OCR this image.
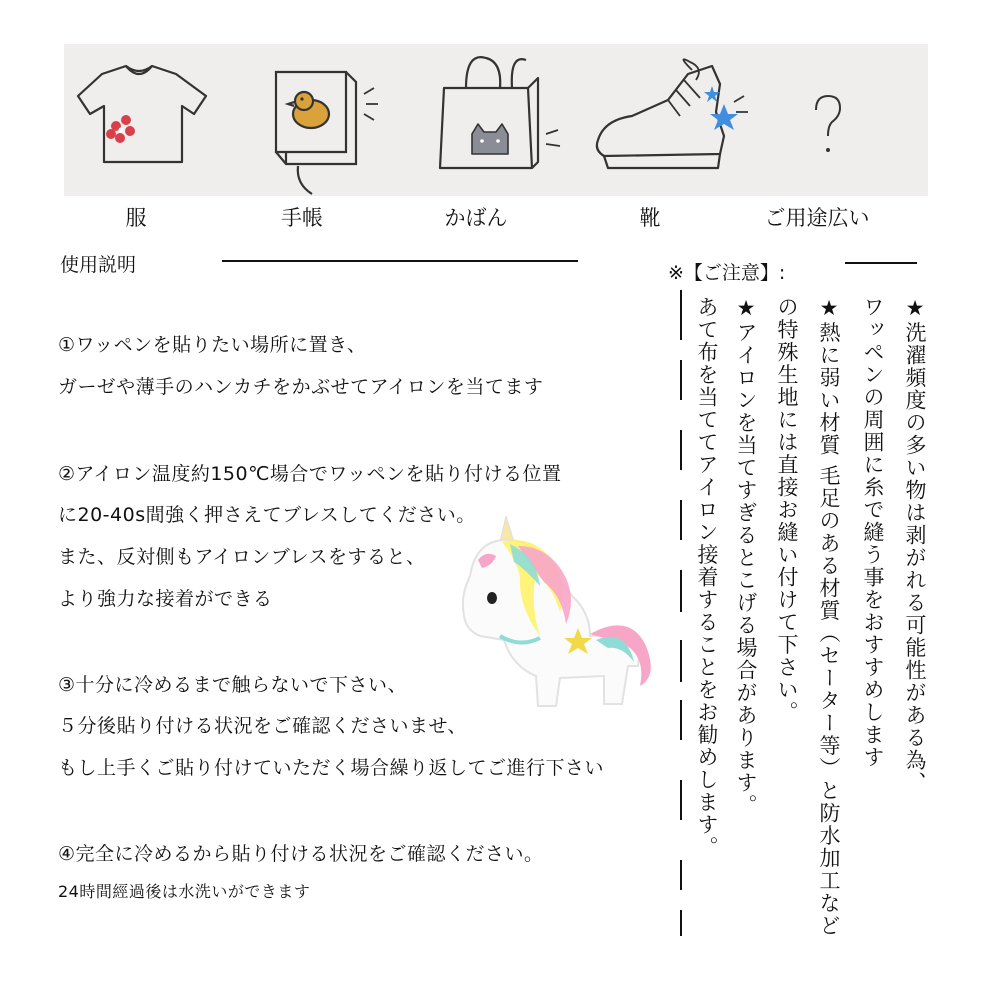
服	手帳	かばん	靴	ご用途広い
使用説明
①ワッペンを貼りたい場所に置き、
ガーゼや薄手のハンカチをかぶせてアイロンを当てます
②アイロン温度約150℃場合でワッペンを貼り付ける位置
に20-40s間強く押さえてブレスしてください。
また、反対側もアイロンブレスをすると、
より強力な接着ができる
③十分に冷めるまで触らないで下さい、
５分後貼り付ける状況をご確認くださいませ、
もし上手くご貼り付けていただく場合繰り返してご進行下さい
④完全に冷めるから貼り付ける状況をご確認ください。
24時間經過後は水洗いができます
※【ご注意】:
★洗濯頻度の多い物は剥がれる可能性がある為、
ワッペンの周囲に糸で縫う事をおすすめします
★熱に弱い材質 毛足のある材質（セーター等）と防水加工など
の特殊生地には直接お縫い付けて下さい。
★アイロンを当てすぎるとこげる場合があります。
あて布を当ててアイロン接着することをお勧めします。
